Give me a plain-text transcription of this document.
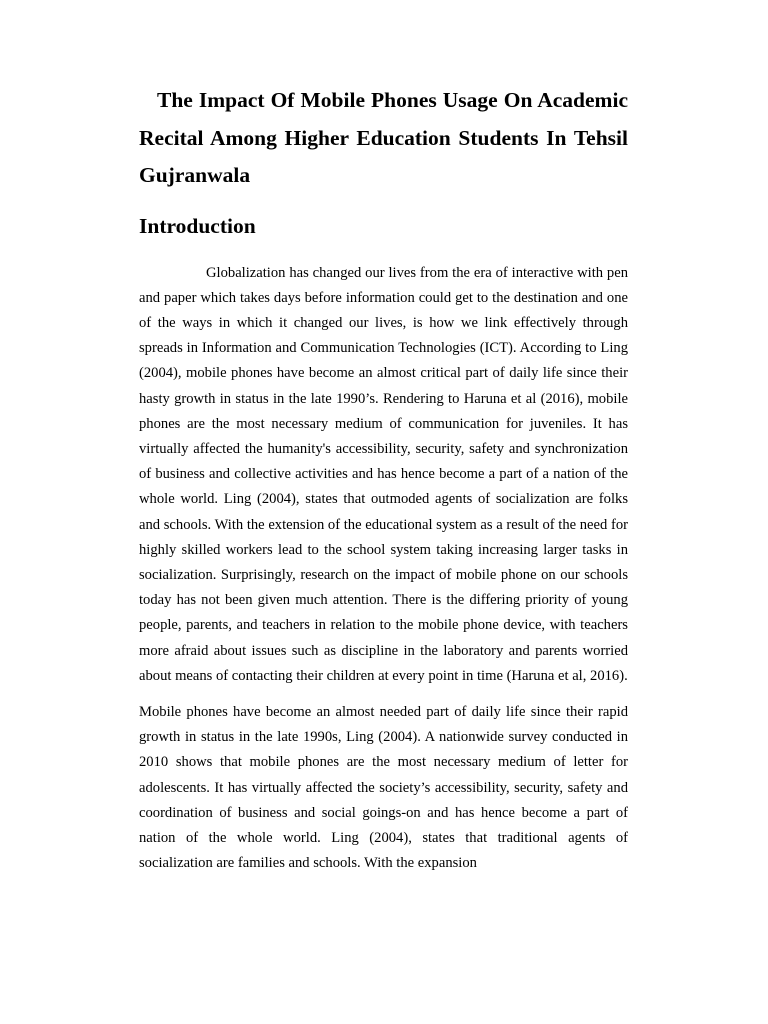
The Impact Of Mobile Phones Usage On Academic Recital Among Higher Education Students In Tehsil Gujranwala
Introduction

Globalization has changed our lives from the era of interactive with pen and paper which takes days before information could get to the destination and one of the ways in which it changed our lives, is how we link effectively through spreads in Information and Communication Technologies (ICT). According to Ling (2004), mobile phones have become an almost critical part of daily life since their hasty growth in status in the late 1990’s. Rendering to Haruna et al (2016), mobile phones are the most necessary medium of communication for juveniles. It has virtually affected the humanity's accessibility, security, safety and synchronization of business and collective activities and has hence become a part of a nation of the whole world. Ling (2004), states that outmoded agents of socialization are folks and schools. With the extension of the educational system as a result of the need for highly skilled workers lead to the school system taking increasing larger tasks in socialization. Surprisingly, research on the impact of mobile phone on our schools today has not been given much attention. There is the differing priority of young people, parents, and teachers in relation to the mobile phone device, with teachers more afraid about issues such as discipline in the laboratory and parents worried about means of contacting their children at every point in time (Haruna et al, 2016).

Mobile phones have become an almost needed part of daily life since their rapid growth in status in the late 1990s, Ling (2004). A nationwide survey conducted in 2010 shows that mobile phones are the most necessary medium of letter for adolescents. It has virtually affected the society’s accessibility, security, safety and coordination of business and social goings-on and has hence become a part of nation of the whole world. Ling (2004), states that traditional agents of socialization are families and schools. With the expansion
